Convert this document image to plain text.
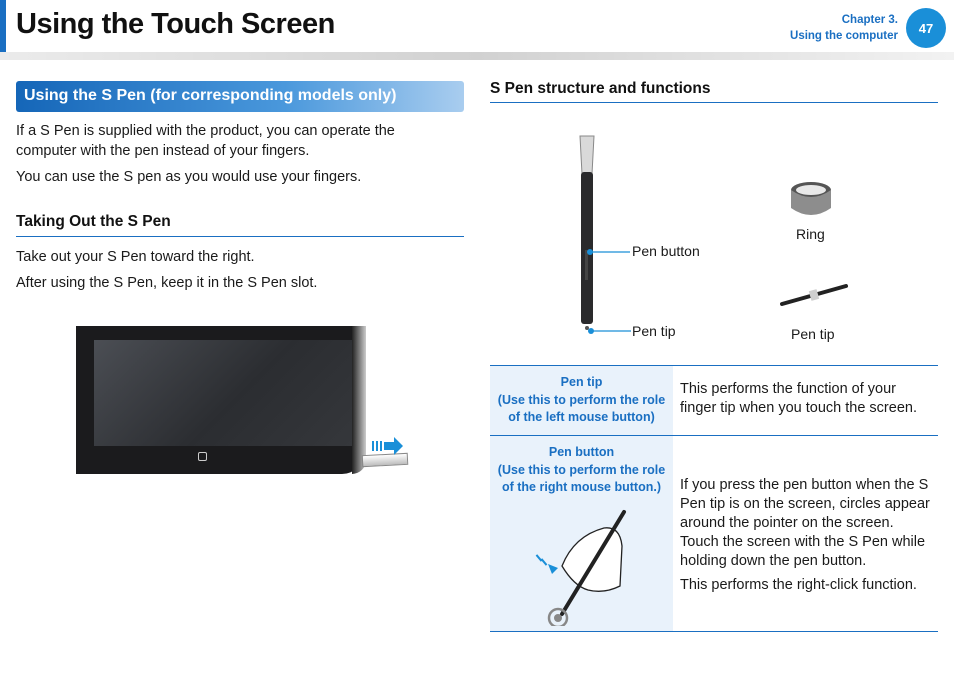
Using the Touch Screen	Chapter 3.
Using the computer
47
Using the S Pen (for corresponding models only)

If a S Pen is supplied with the product, you can operate the computer with the pen instead of your fingers.

You can use the S pen as you would use your fingers.

Taking Out the S Pen

Take out your S Pen toward the right.

After using the S Pen, keep it in the S Pen slot.

S Pen structure and functions
Pen button
Pen tip
Ring
Pen tip
Pen tip
(Use this to perform the role of the left mouse button)

This performs the function of your finger tip when you touch the screen.

Pen button
(Use this to perform the role of the right mouse button.)	If you press the pen button when the S Pen tip is on the screen, circles appear around the pointer on the screen. Touch the screen with the S Pen while holding down the pen button.

This performs the right-click function.
